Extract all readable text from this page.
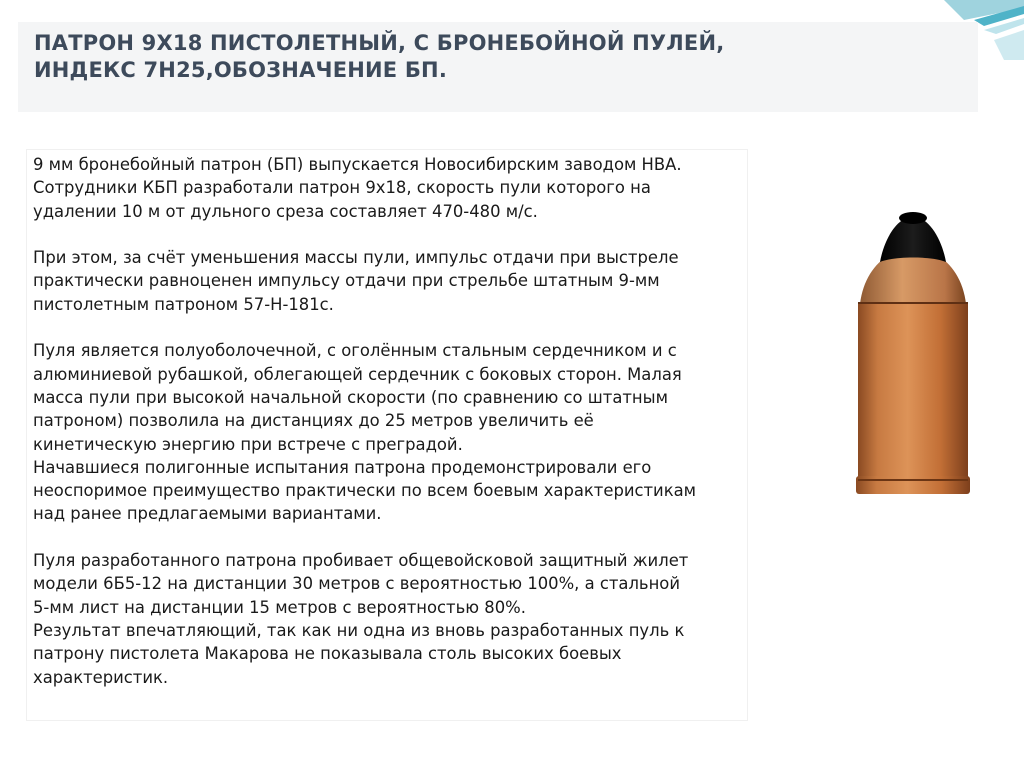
ПАТРОН 9Х18 ПИСТОЛЕТНЫЙ, С БРОНЕБОЙНОЙ ПУЛЕЙ,
ИНДЕКС 7Н25,ОБОЗНАЧЕНИЕ БП.
9 мм бронебойный патрон (БП) выпускается Новосибирским заводом НВА.
Сотрудники КБП разработали патрон 9х18, скорость пули которого на
удалении 10 м от дульного среза составляет 470-480 м/с.
При этом, за счёт уменьшения массы пули, импульс отдачи при выстреле
практически равноценен импульсу отдачи при стрельбе штатным 9-мм
пистолетным патроном 57-Н-181с.
Пуля является полуоболочечной, с оголённым стальным сердечником и с
алюминиевой рубашкой, облегающей сердечник с боковых сторон. Малая
масса пули при высокой начальной скорости (по сравнению со штатным
патроном) позволила на дистанциях до 25 метров увеличить её
кинетическую энергию при встрече с преградой.
Начавшиеся полигонные испытания патрона продемонстрировали его
неоспоримое преимущество практически по всем боевым характеристикам
над ранее предлагаемыми вариантами.
Пуля разработанного патрона пробивает общевойсковой защитный жилет
модели 6Б5-12 на дистанции 30 метров с вероятностью 100%, а стальной
5-мм лист на дистанции 15 метров с вероятностью 80%.
Результат впечатляющий, так как ни одна из вновь разработанных пуль к
патрону пистолета Макарова не показывала столь высоких боевых
характеристик.
